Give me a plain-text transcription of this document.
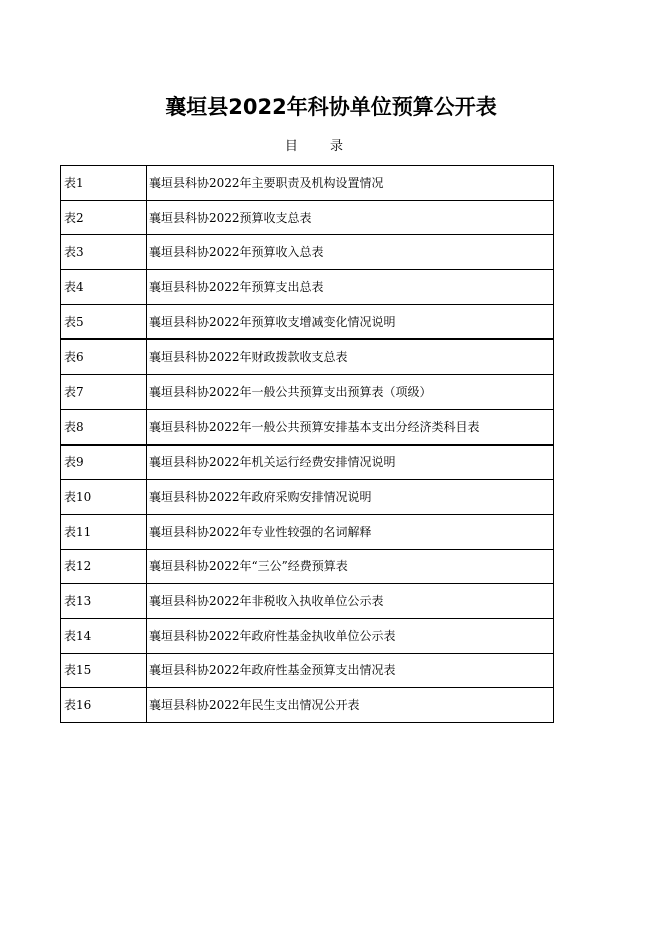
襄垣县2022年科协单位预算公开表
目 录
表1	襄垣县科协2022年主要职责及机构设置情况
表2	襄垣县科协2022预算收支总表
表3	襄垣县科协2022年预算收入总表
表4	襄垣县科协2022年预算支出总表
表5	襄垣县科协2022年预算收支增减变化情况说明
表6	襄垣县科协2022年财政拨款收支总表
表7	襄垣县科协2022年一般公共预算支出预算表（项级）
表8	襄垣县科协2022年一般公共预算安排基本支出分经济类科目表
表9	襄垣县科协2022年机关运行经费安排情况说明
表10	襄垣县科协2022年政府采购安排情况说明
表11	襄垣县科协2022年专业性较强的名词解释
表12	襄垣县科协2022年“三公”经费预算表
表13	襄垣县科协2022年非税收入执收单位公示表
表14	襄垣县科协2022年政府性基金执收单位公示表
表15	襄垣县科协2022年政府性基金预算支出情况表
表16	襄垣县科协2022年民生支出情况公开表
